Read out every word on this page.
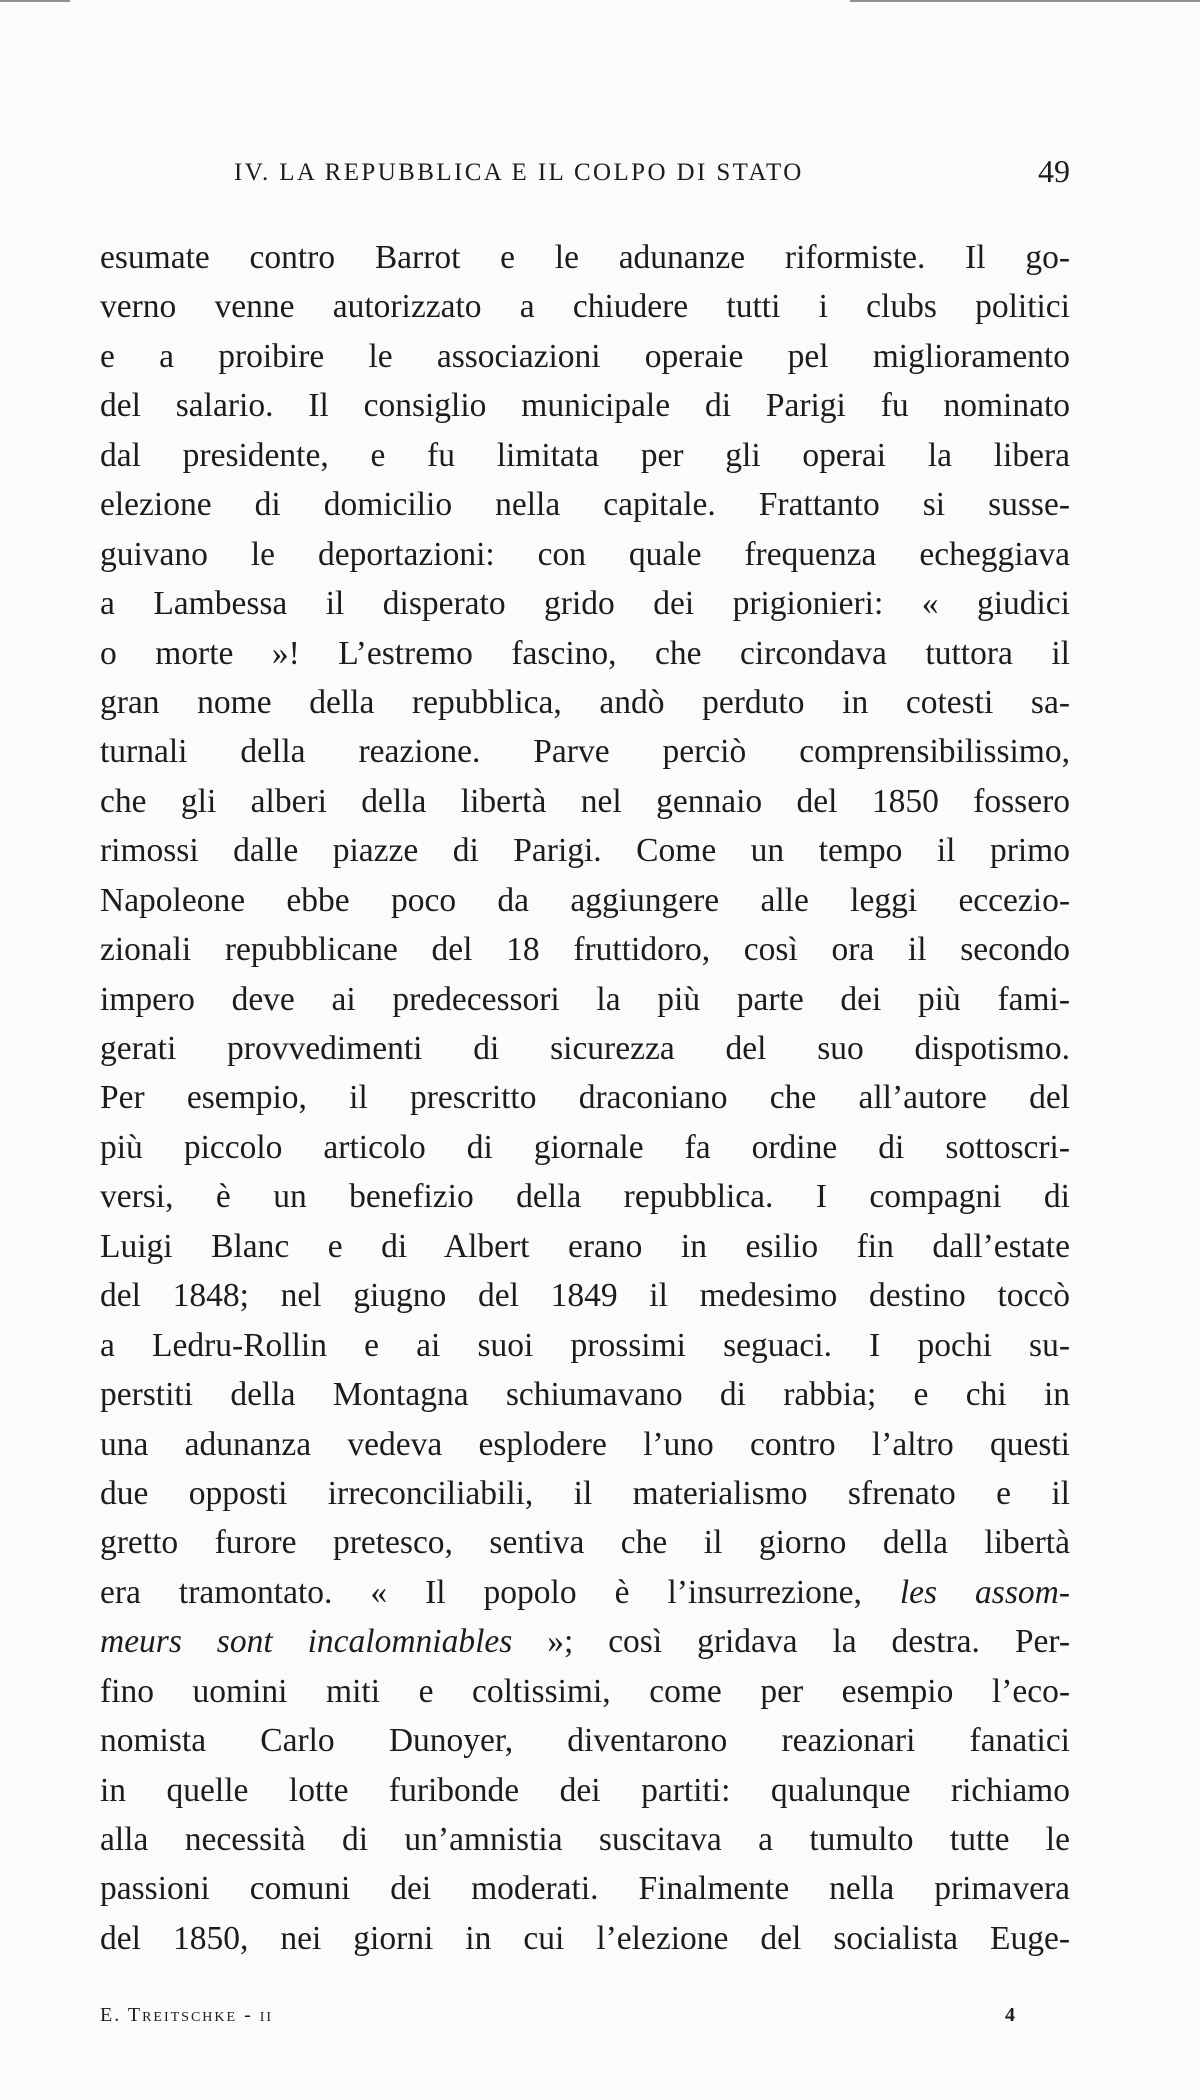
IV. LA REPUBBLICA E IL COLPO DI STATO	49
esumate contro Barrot e le adunanze riformiste. Il go-
verno venne autorizzato a chiudere tutti i clubs politici
e a proibire le associazioni operaie pel miglioramento
del salario. Il consiglio municipale di Parigi fu nominato
dal presidente, e fu limitata per gli operai la libera
elezione di domicilio nella capitale. Frattanto si susse-
guivano le deportazioni: con quale frequenza echeggiava
a Lambessa il disperato grido dei prigionieri: « giudici
o morte »! L’estremo fascino, che circondava tuttora il
gran nome della repubblica, andò perduto in cotesti sa-
turnali della reazione. Parve perciò comprensibilissimo,
che gli alberi della libertà nel gennaio del 1850 fossero
rimossi dalle piazze di Parigi. Come un tempo il primo
Napoleone ebbe poco da aggiungere alle leggi eccezio-
zionali repubblicane del 18 fruttidoro, così ora il secondo
impero deve ai predecessori la più parte dei più fami-
gerati provvedimenti di sicurezza del suo dispotismo.
Per esempio, il prescritto draconiano che all’autore del
più piccolo articolo di giornale fa ordine di sottoscri-
versi, è un benefizio della repubblica. I compagni di
Luigi Blanc e di Albert erano in esilio fin dall’estate
del 1848; nel giugno del 1849 il medesimo destino toccò
a Ledru-Rollin e ai suoi prossimi seguaci. I pochi su-
perstiti della Montagna schiumavano di rabbia; e chi in
una adunanza vedeva esplodere l’uno contro l’altro questi
due opposti irreconciliabili, il materialismo sfrenato e il
gretto furore pretesco, sentiva che il giorno della libertà
era tramontato. « Il popolo è l’insurrezione, les assom-
meurs sont incalomniables »; così gridava la destra. Per-
fino uomini miti e coltissimi, come per esempio l’eco-
nomista Carlo Dunoyer, diventarono reazionari fanatici
in quelle lotte furibonde dei partiti: qualunque richiamo
alla necessità di un’amnistia suscitava a tumulto tutte le
passioni comuni dei moderati. Finalmente nella primavera
del 1850, nei giorni in cui l’elezione del socialista Euge-
E. Treitschke - ii	4
